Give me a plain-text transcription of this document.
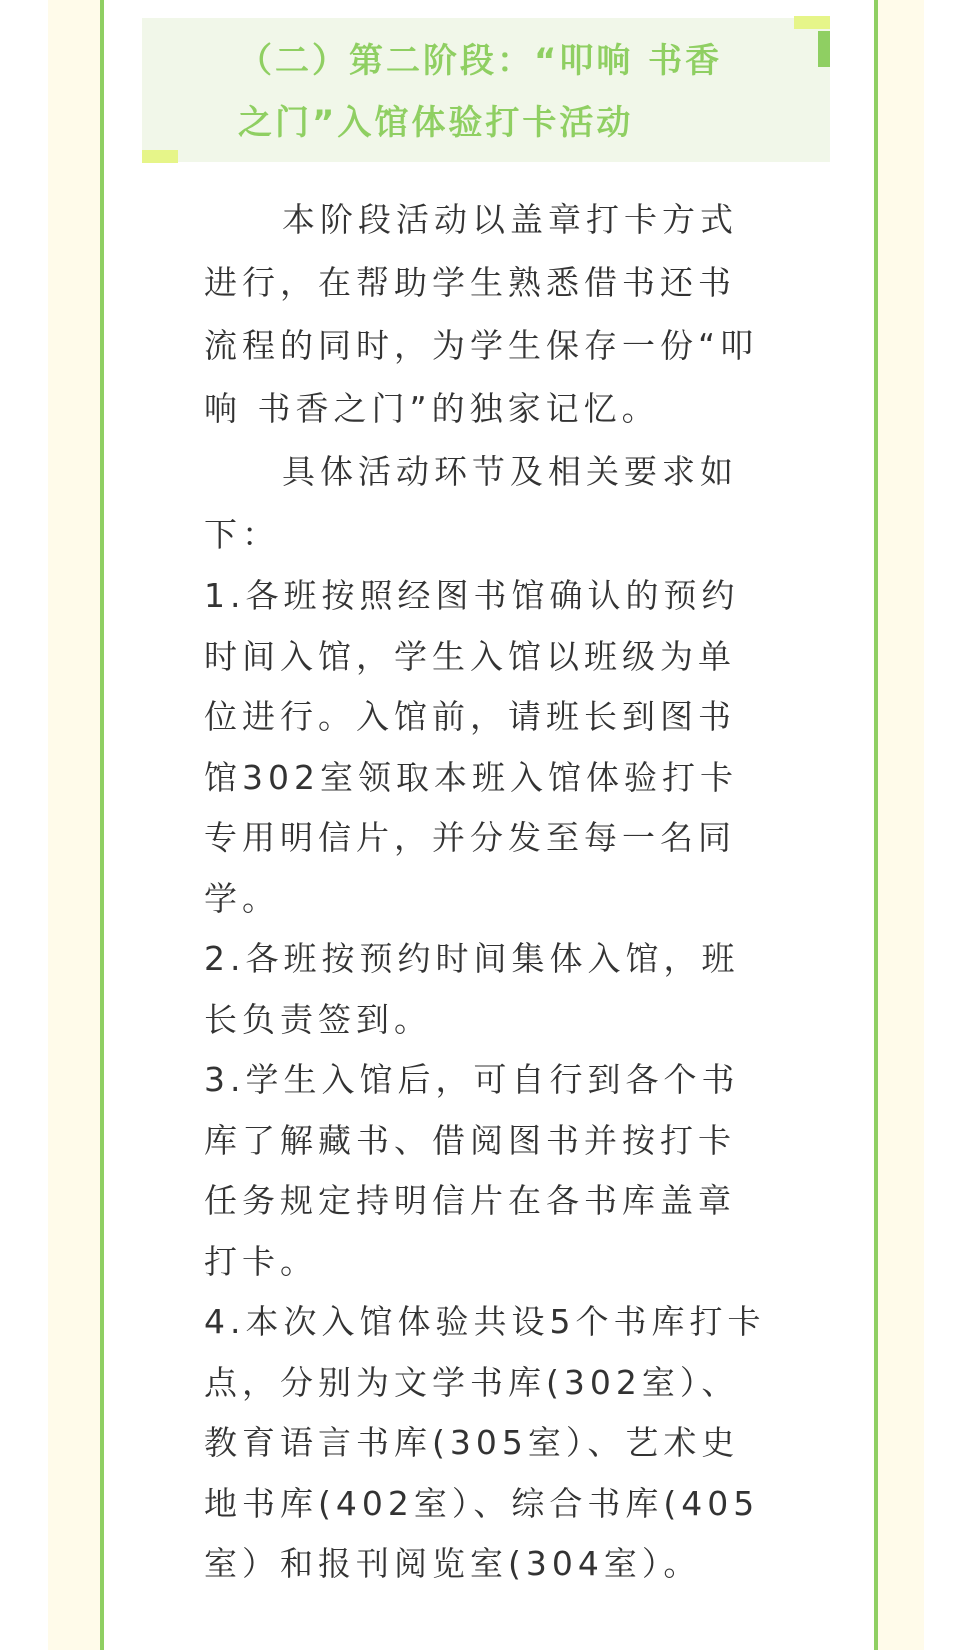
（二）第二阶段：“叩响 书香之门”入馆体验打卡活动

本阶段活动以盖章打卡方式进行，在帮助学生熟悉借书还书流程的同时，为学生保存一份“叩响 书香之门”的独家记忆。

具体活动环节及相关要求如下：

1.各班按照经图书馆确认的预约时间入馆，学生入馆以班级为单位进行。入馆前，请班长到图书馆302室领取本班入馆体验打卡专用明信片，并分发至每一名同学。

2.各班按预约时间集体入馆，班长负责签到。

3.学生入馆后，可自行到各个书库了解藏书、借阅图书并按打卡任务规定持明信片在各书库盖章打卡。

4.本次入馆体验共设5个书库打卡点，分别为文学书库(302室）、教育语言书库(305室）、艺术史地书库(402室）、综合书库(405室）和报刊阅览室(304室）。
